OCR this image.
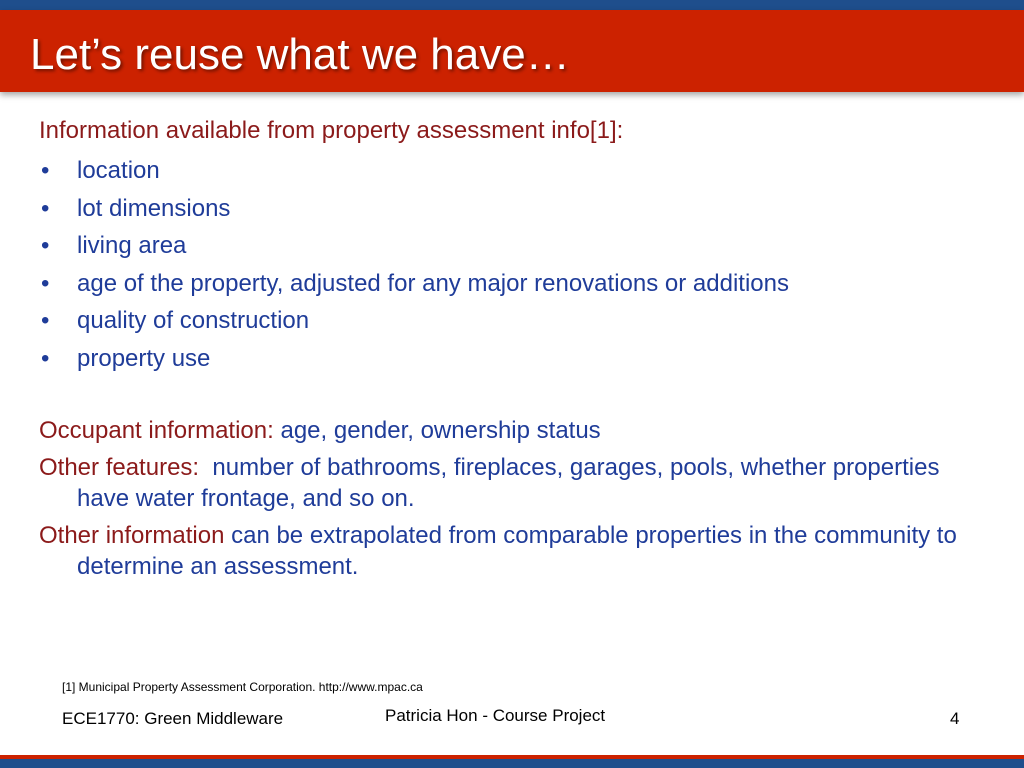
Let’s reuse what we have…

Information available from property assessment info[1]:

• location
• lot dimensions
• living area
• age of the property, adjusted for any major renovations or additions
• quality of construction
• property use

Occupant information: age, gender, ownership status

Other features:  number of bathrooms, fireplaces, garages, pools, whether properties have water frontage, and so on.

Other information can be extrapolated from comparable properties in the community to determine an assessment.

[1] Municipal Property Assessment Corporation. http://www.mpac.ca
ECE1770: Green Middleware	Patricia Hon - Course Project	4
